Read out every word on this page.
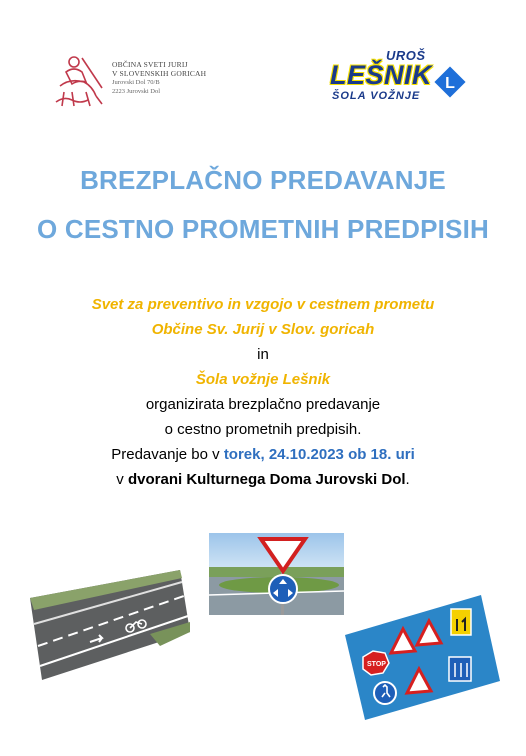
OBČINA SVETI JURIJ
V SLOVENSKIH GORICAH
Jurovski Dol 70/B
2223 Jurovski Dol
UROŠ
LEŠNIK
ŠOLA VOŽNJE
L
BREZPLAČNO PREDAVANJE
O CESTNO PROMETNIH PREDPISIH
Svet za preventivo in vzgojo v cestnem prometu
Občine Sv. Jurij v Slov. goricah
in
Šola vožnje Lešnik
organizirata brezplačno predavanje
o cestno prometnih predpisih.
Predavanje bo v torek, 24.10.2023 ob 18. uri
v dvorani Kulturnega Doma Jurovski Dol.
STOP
